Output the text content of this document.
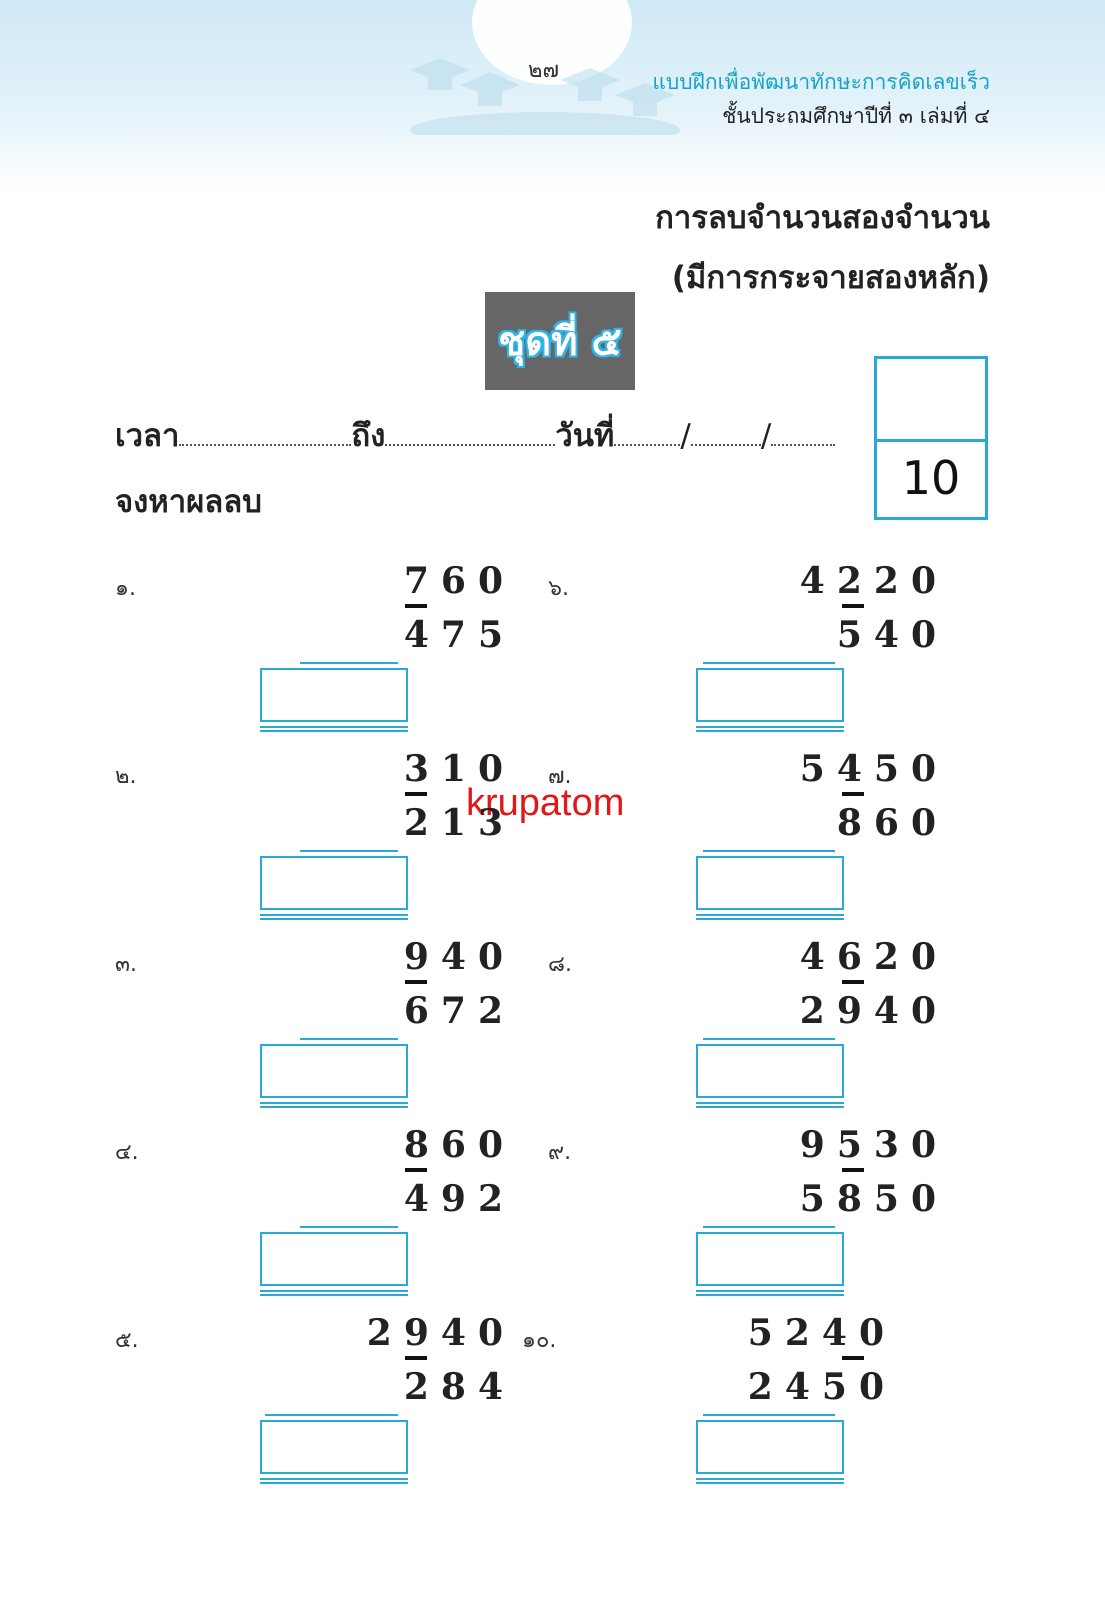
๒๗	แบบฝึกเพื่อพัฒนาทักษะการคิดเลขเร็ว
ชั้นประถมศึกษาปีที่ ๓ เล่มที่ ๔
การลบจำนวนสองจำนวน
(มีการกระจายสองหลัก)
ชุดที่ ๕
10
เวลา	ถึง	วันที่ / /
จงหาผลลบ
krupatom
๑.	760
475
๒.	310
213
๓.	940
672
๔.	860
492
๕.	2940
284
๖.	4220
540
๗.	5450
860
๘.	4620
2940
๙.	9530
5850
๑๐.	5240
2450
